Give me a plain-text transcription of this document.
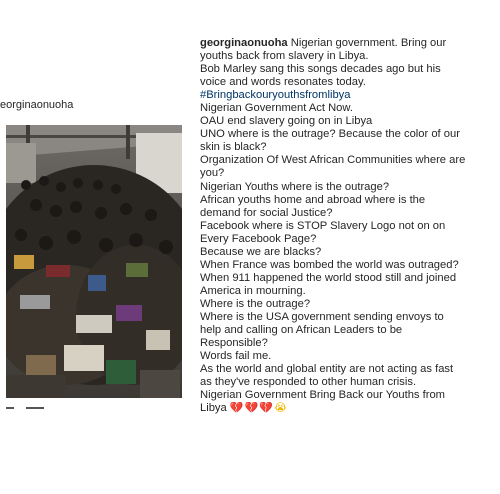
eorginaonuoha
georginaonuoha Nigerian government. Bring our
youths back from slavery in Libya.
Bob Marley sang this songs decades ago but his
voice and words resonates today.
#Bringbackouryouthsfromlibya
Nigerian Government Act Now.
OAU end slavery going on in Libya
UNO where is the outrage? Because the color of our
skin is black?
Organization Of West African Communities where are
you?
Nigerian Youths where is the outrage?
African youths home and abroad where is the
demand for social Justice?
Facebook where is STOP Slavery Logo not on on
Every Facebook Page?
Because we are blacks?
When France was bombed the world was outraged?
When 911 happened the world stood still and joined
America in mourning.
Where is the outrage?
Where is the USA government sending envoys to
help and calling on African Leaders to be
Responsible?
Words fail me.
As the world and global entity are not acting as fast
as they've responded to other human crisis.
Nigerian Government Bring Back our Youths from
Libya 💔💔💔😭
